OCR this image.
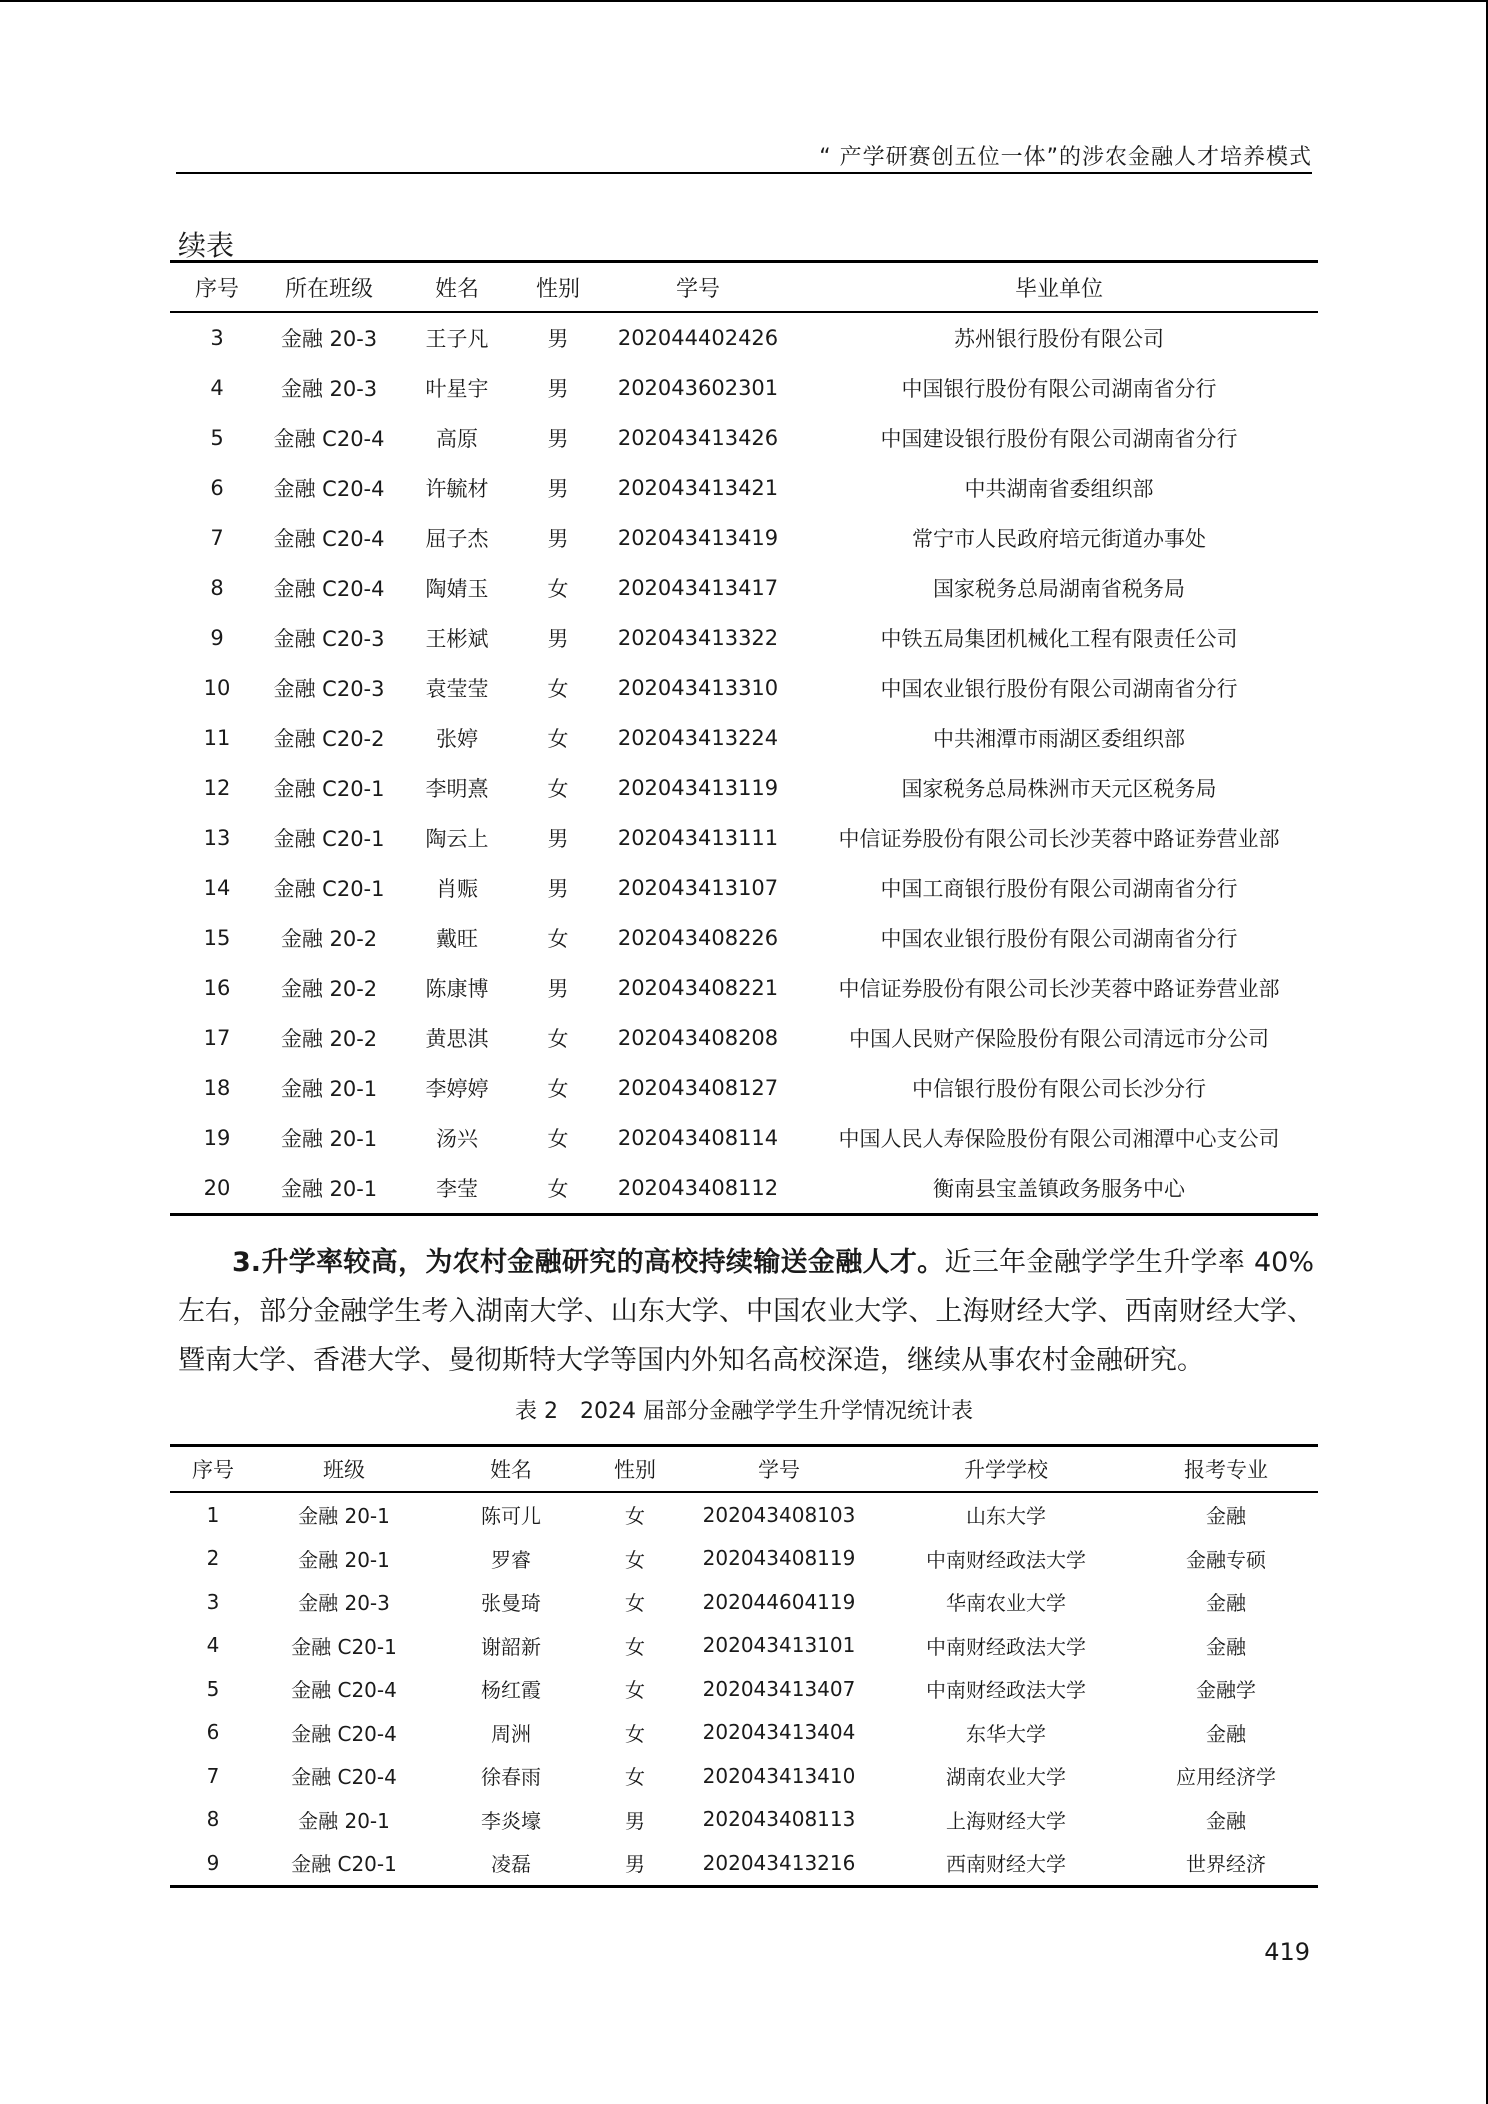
“ 产学研赛创五位一体”的涉农金融人才培养模式
续表
序号	所在班级	姓名	性别	学号	毕业单位
3	金融 20-3	王子凡	男	202044402426	苏州银行股份有限公司
4	金融 20-3	叶星宇	男	202043602301	中国银行股份有限公司湖南省分行
5	金融 C20-4	高原	男	202043413426	中国建设银行股份有限公司湖南省分行
6	金融 C20-4	许毓材	男	202043413421	中共湖南省委组织部
7	金融 C20-4	屈子杰	男	202043413419	常宁市人民政府培元街道办事处
8	金融 C20-4	陶婧玉	女	202043413417	国家税务总局湖南省税务局
9	金融 C20-3	王彬斌	男	202043413322	中铁五局集团机械化工程有限责任公司
10	金融 C20-3	袁莹莹	女	202043413310	中国农业银行股份有限公司湖南省分行
11	金融 C20-2	张婷	女	202043413224	中共湘潭市雨湖区委组织部
12	金融 C20-1	李明熹	女	202043413119	国家税务总局株洲市天元区税务局
13	金融 C20-1	陶云上	男	202043413111	中信证券股份有限公司长沙芙蓉中路证券营业部
14	金融 C20-1	肖赈	男	202043413107	中国工商银行股份有限公司湖南省分行
15	金融 20-2	戴旺	女	202043408226	中国农业银行股份有限公司湖南省分行
16	金融 20-2	陈康博	男	202043408221	中信证券股份有限公司长沙芙蓉中路证券营业部
17	金融 20-2	黄思淇	女	202043408208	中国人民财产保险股份有限公司清远市分公司
18	金融 20-1	李婷婷	女	202043408127	中信银行股份有限公司长沙分行
19	金融 20-1	汤兴	女	202043408114	中国人民人寿保险股份有限公司湘潭中心支公司
20	金融 20-1	李莹	女	202043408112	衡南县宝盖镇政务服务中心
3.升学率较高，为农村金融研究的高校持续输送金融人才。近三年金融学学生升学率 40% 左右，部分金融学生考入湖南大学、山东大学、中国农业大学、上海财经大学、西南财经大学、暨南大学、香港大学、曼彻斯特大学等国内外知名高校深造，继续从事农村金融研究。
表 2　2024 届部分金融学学生升学情况统计表
序号	班级	姓名	性别	学号	升学学校	报考专业
1	金融 20-1	陈可儿	女	202043408103	山东大学	金融
2	金融 20-1	罗睿	女	202043408119	中南财经政法大学	金融专硕
3	金融 20-3	张曼琦	女	202044604119	华南农业大学	金融
4	金融 C20-1	谢韶新	女	202043413101	中南财经政法大学	金融
5	金融 C20-4	杨红霞	女	202043413407	中南财经政法大学	金融学
6	金融 C20-4	周洲	女	202043413404	东华大学	金融
7	金融 C20-4	徐春雨	女	202043413410	湖南农业大学	应用经济学
8	金融 20-1	李炎壕	男	202043408113	上海财经大学	金融
9	金融 C20-1	凌磊	男	202043413216	西南财经大学	世界经济
419
